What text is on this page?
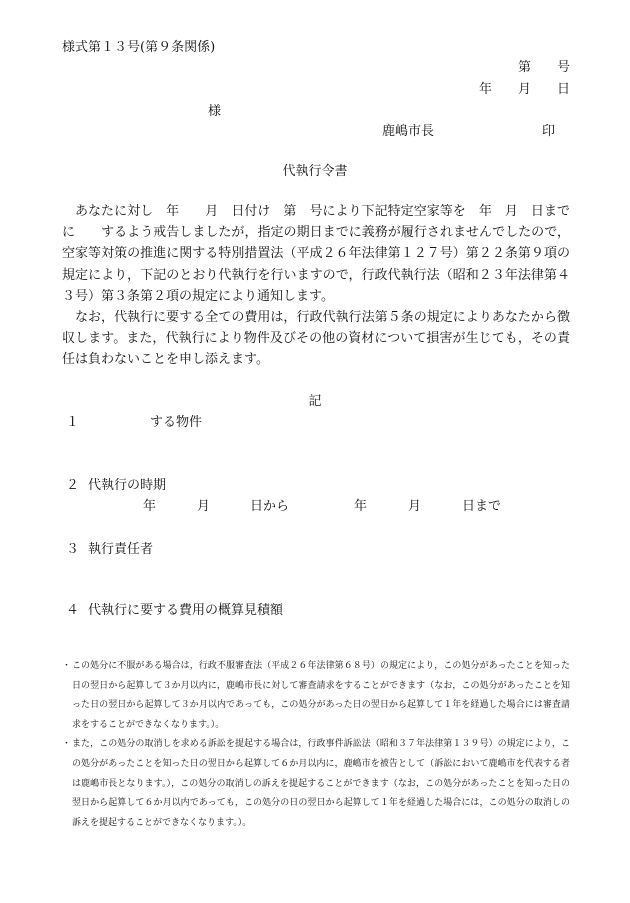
様式第１３号(第９条関係)
第　　号
年　　月　　日
様
鹿嶋市長	印
代執行令書

あなたに対し　年　　月　日付け　第　号により下記特定空家等を　年　月　日までに　　するよう戒告しましたが，指定の期日までに義務が履行されませんでしたので，空家等対策の推進に関する特別措置法（平成２６年法律第１２７号）第２２条第９項の規定により，下記のとおり代執行を行いますので，行政代執行法（昭和２３年法律第４３号）第３条第２項の規定により通知します。

なお，代執行に要する全ての費用は，行政代執行法第５条の規定によりあなたから徴収します。また，代執行により物件及びその他の資材について損害が生じても，その責任は負わないことを申し添えます。

記
１	する物件
２ 代執行の時期
年	月	日から	年	月	日まで
３ 執行責任者
４ 代執行に要する費用の概算見積額

・ この処分に不服がある場合は，行政不服審査法（平成２６年法律第６８号）の規定により，この処分があったことを知った日の翌日から起算して３か月以内に，鹿嶋市長に対して審査請求をすることができます（なお，この処分があったことを知った日の翌日から起算して３か月以内であっても，この処分があった日の翌日から起算して１年を経過した場合には審査請求をすることができなくなります。）。

・ また，この処分の取消しを求める訴訟を提起する場合は，行政事件訴訟法（昭和３７年法律第１３９号）の規定により，この処分があったことを知った日の翌日から起算して６か月以内に，鹿嶋市を被告として（訴訟において鹿嶋市を代表する者は鹿嶋市長となります。），この処分の取消しの訴えを提起することができます（なお，この処分があったことを知った日の翌日から起算して６か月以内であっても，この処分の日の翌日から起算して１年を経過した場合には，この処分の取消しの訴えを提起することができなくなります。）。
